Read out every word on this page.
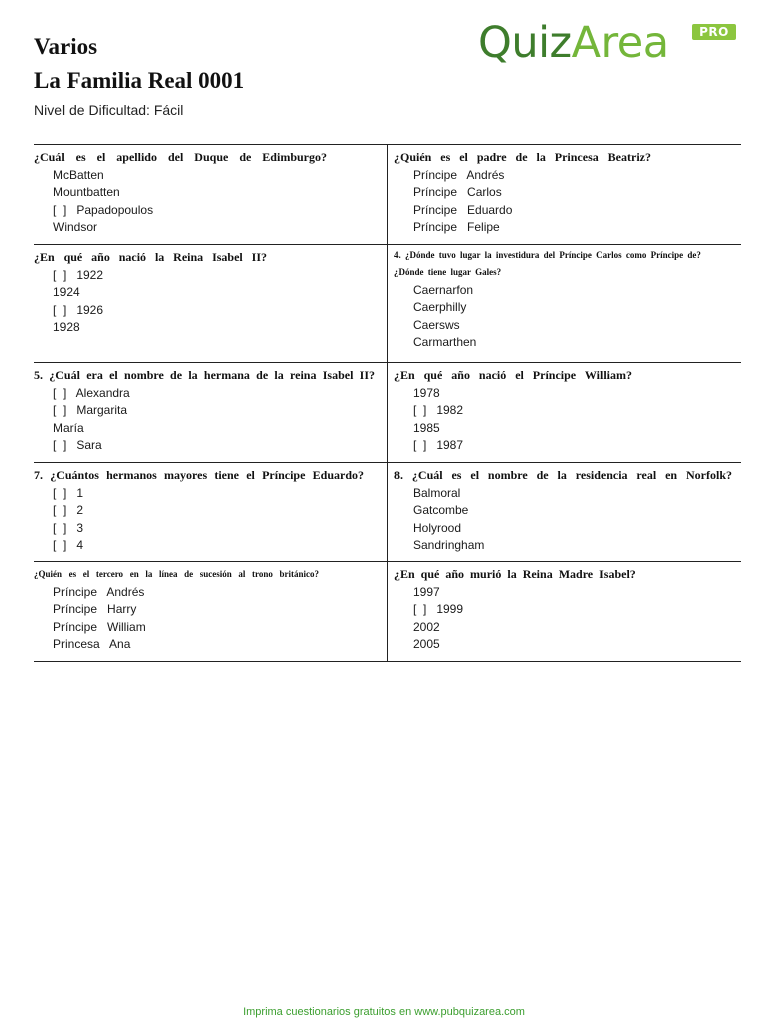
Varios
La Familia Real 0001
Nivel de Dificultad: Fácil
QuizArea	PRO
¿Cuál es el apellido del Duque de Edimburgo?
McBatten
Mountbatten
[  ]   Papadopoulos
Windsor
¿Quién es el padre de la Princesa Beatriz?
Príncipe   Andrés
Príncipe   Carlos
Príncipe   Eduardo
Príncipe   Felipe
¿En qué año nació la Reina Isabel II?
[  ]   1922
1924
[  ]   1926
1928
4. ¿Dónde tuvo lugar la investidura del Príncipe Carlos como Príncipe de? ¿Dónde tiene lugar Gales?
Caernarfon
Caerphilly
Caersws
Carmarthen
5. ¿Cuál era el nombre de la hermana de la reina Isabel II?
[  ]   Alexandra
[  ]   Margarita
María
[  ]   Sara
¿En qué año nació el Príncipe William?
1978
[  ]   1982
1985
[  ]   1987
7. ¿Cuántos hermanos mayores tiene el Príncipe Eduardo?
[  ]   1
[  ]   2
[  ]   3
[  ]   4
8. ¿Cuál es el nombre de la residencia real en Norfolk?
Balmoral
Gatcombe
Holyrood
Sandringham
¿Quién es el tercero en la línea de sucesión al trono británico?
Príncipe   Andrés
Príncipe   Harry
Príncipe   William
Princesa   Ana
¿En qué año murió la Reina Madre Isabel?
1997
[  ]   1999
2002
2005
Imprima cuestionarios gratuitos en www.pubquizarea.com
